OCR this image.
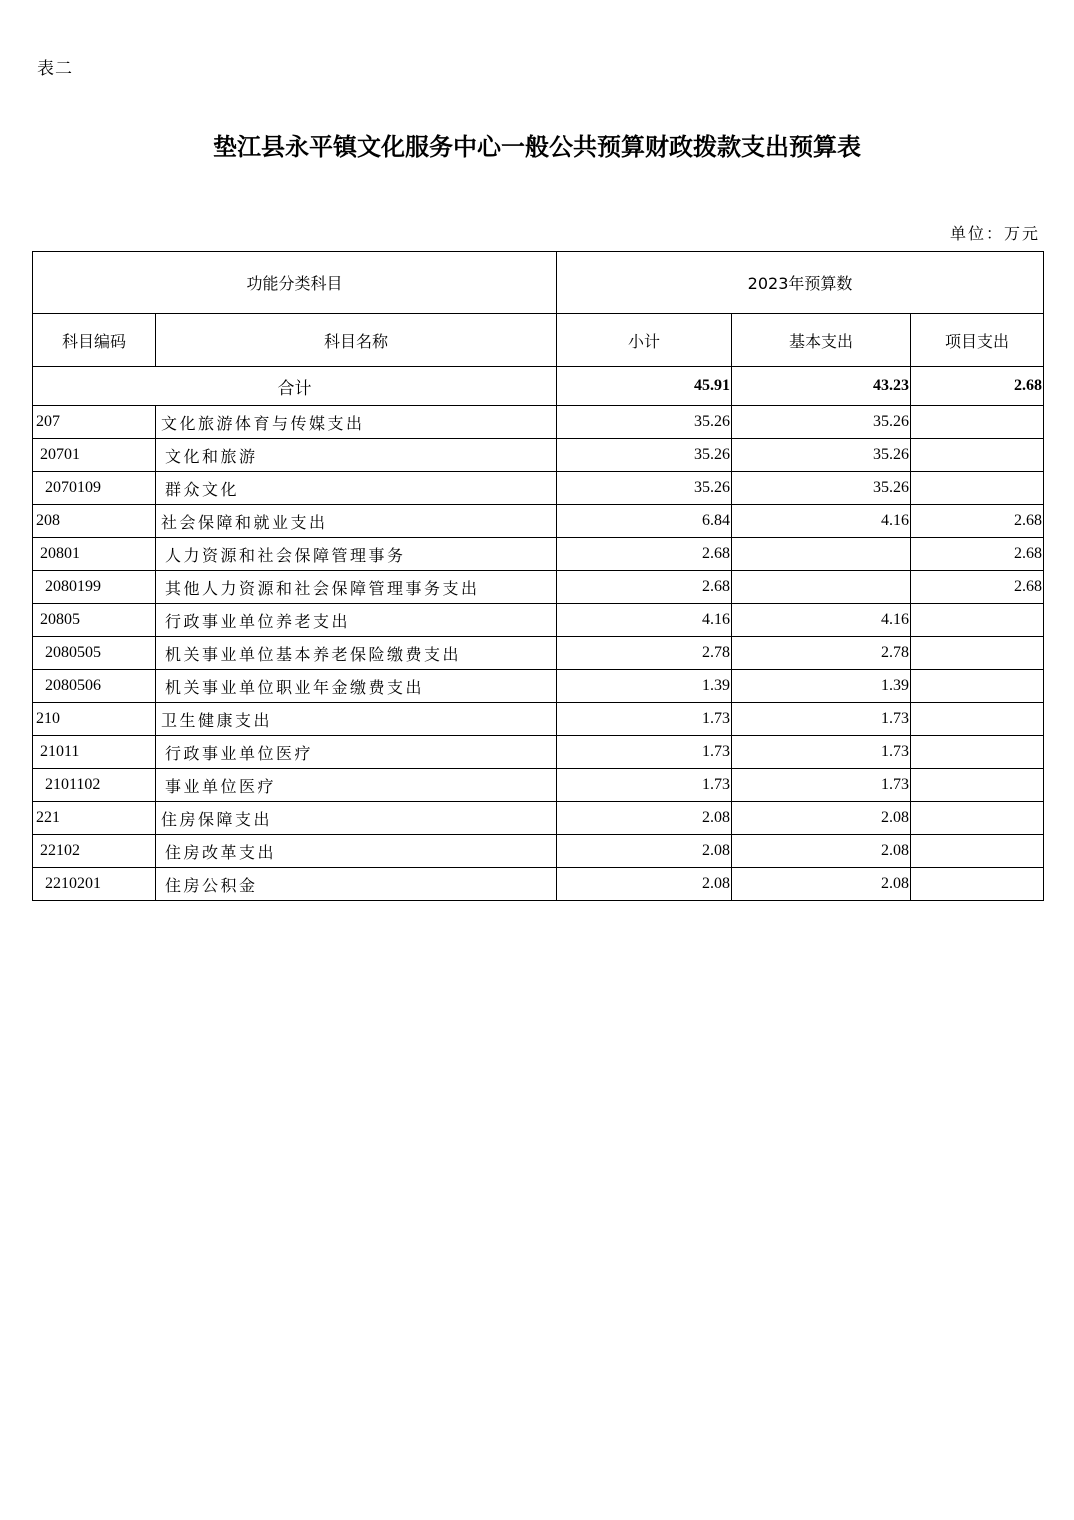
表二
垫江县永平镇文化服务中心一般公共预算财政拨款支出预算表
单位：万元
功能分类科目		2023年预算数		
科目编码	科目名称	小计	基本支出	项目支出
合计		45.91	43.23	2.68
207	文化旅游体育与传媒支出	35.26	35.26	
20701	文化和旅游	35.26	35.26	
2070109	群众文化	35.26	35.26	
208	社会保障和就业支出	6.84	4.16	2.68
20801	人力资源和社会保障管理事务	2.68		2.68
2080199	其他人力资源和社会保障管理事务支出	2.68		2.68
20805	行政事业单位养老支出	4.16	4.16	
2080505	机关事业单位基本养老保险缴费支出	2.78	2.78	
2080506	机关事业单位职业年金缴费支出	1.39	1.39	
210	卫生健康支出	1.73	1.73	
21011	行政事业单位医疗	1.73	1.73	
2101102	事业单位医疗	1.73	1.73	
221	住房保障支出	2.08	2.08	
22102	住房改革支出	2.08	2.08	
2210201	住房公积金	2.08	2.08	
